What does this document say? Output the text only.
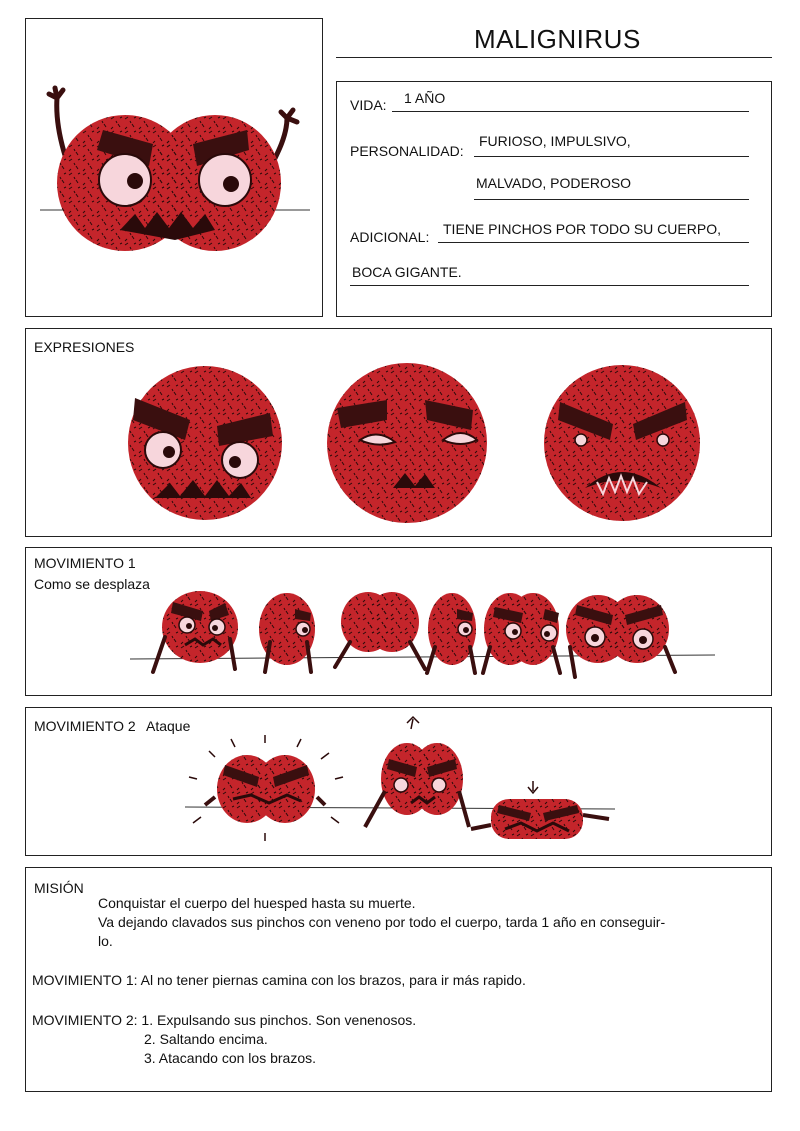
MALIGNIRUS
VIDA: 1 AÑO
PERSONALIDAD:
FURIOSO, IMPULSIVO,
MALVADO, PODEROSO
ADICIONAL: TIENE PINCHOS POR TODO SU CUERPO,
BOCA GIGANTE.
EXPRESIONES
MOVIMIENTO 1
Como se desplaza
MOVIMIENTO 2 Ataque
MISIÓN
Conquistar el cuerpo del huesped hasta su muerte.
Va dejando clavados sus pinchos con veneno por todo el cuerpo, tarda 1 año en conseguir-
lo.
MOVIMIENTO 1: Al no tener piernas camina con los brazos, para ir más rapido.
MOVIMIENTO 2: 1. Expulsando sus pinchos. Son venenosos.
2. Saltando encima.
3. Atacando con los brazos.
